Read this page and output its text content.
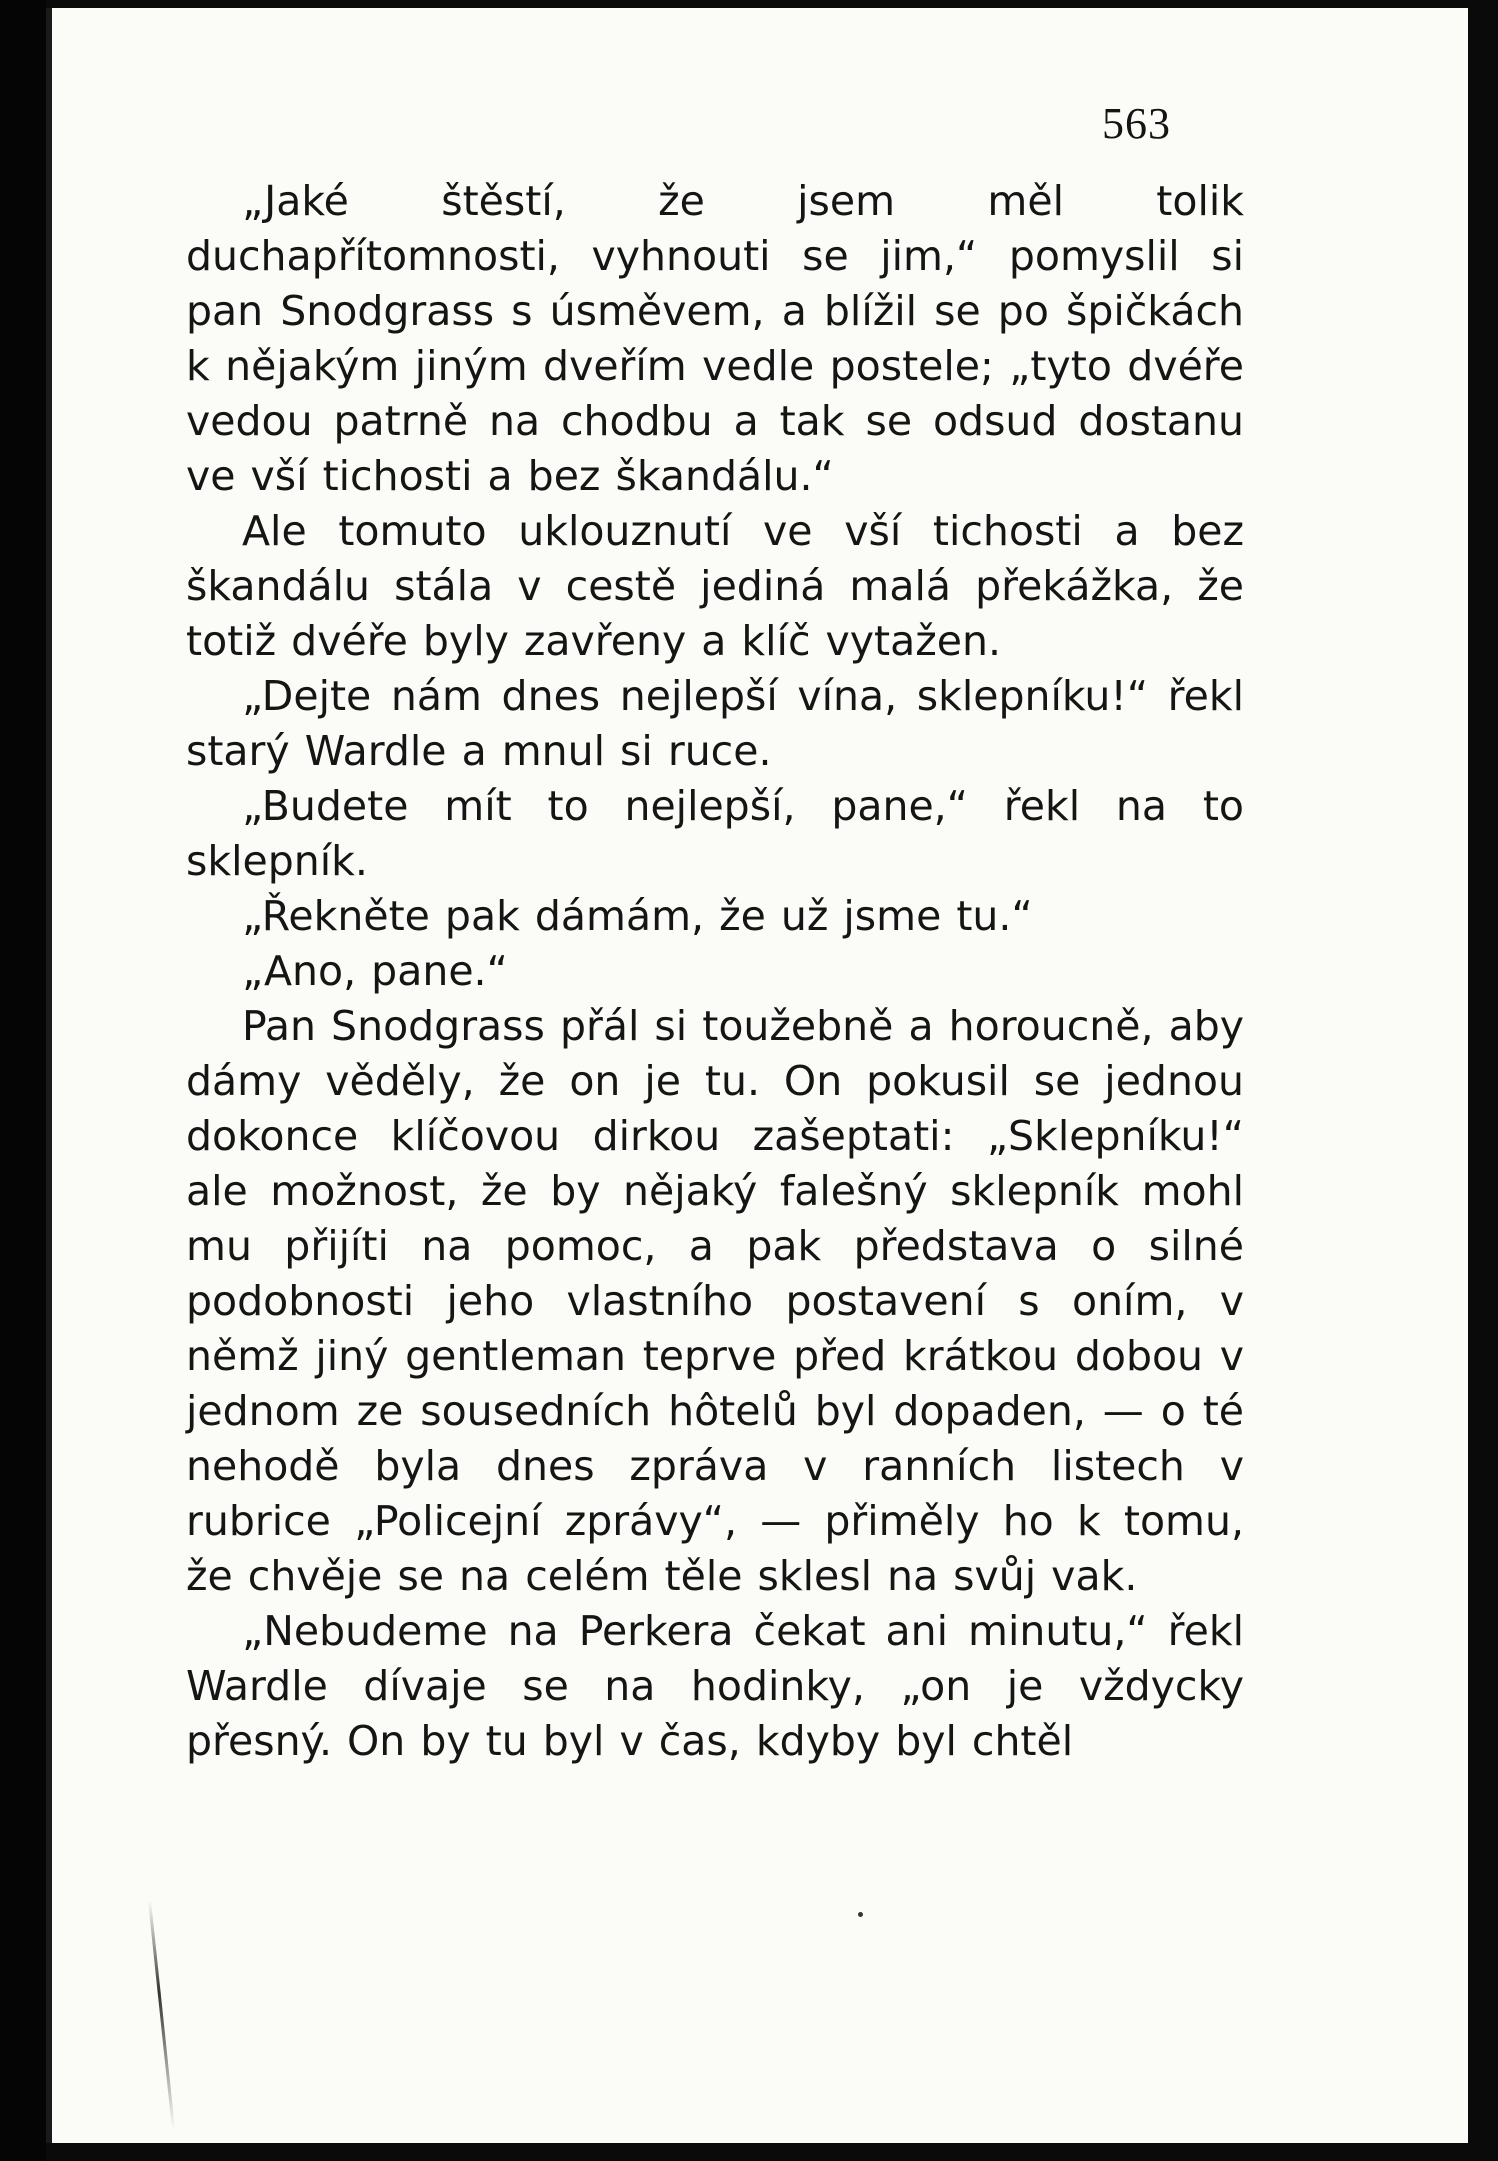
563

„Jaké štěstí, že jsem měl tolik duchapřítomnosti, vyhnouti se jim,“ pomyslil si pan Snodgrass s úsměvem, a blížil se po špičkách k nějakým jiným dveřím vedle postele; „tyto dvéře vedou patrně na chodbu a tak se odsud dostanu ve vší tichosti a bez škandálu.“

Ale tomuto uklouznutí ve vší tichosti a bez škandálu stála v cestě jediná malá překážka, že totiž dvéře byly zavřeny a klíč vytažen.

„Dejte nám dnes nejlepší vína, sklepníku!“ řekl starý Wardle a mnul si ruce.

„Budete mít to nejlepší, pane,“ řekl na to sklepník.

„Řekněte pak dámám, že už jsme tu.“

„Ano, pane.“

Pan Snodgrass přál si toužebně a horoucně, aby dámy věděly, že on je tu. On pokusil se jednou dokonce klíčovou dirkou zašeptati: „Sklepníku!“ ale možnost, že by nějaký falešný sklepník mohl mu přijíti na pomoc, a pak představa o silné podobnosti jeho vlastního postavení s oním, v němž jiný gentleman teprve před krátkou dobou v jednom ze sousedních hôtelů byl dopaden, — o té nehodě byla dnes zpráva v ranních listech v rubrice „Policejní zprávy“, — přiměly ho k tomu, že chvěje se na celém těle sklesl na svůj vak.

„Nebudeme na Perkera čekat ani minutu,“ řekl Wardle dívaje se na hodinky, „on je vždycky přesný. On by tu byl v čas, kdyby byl chtěl
